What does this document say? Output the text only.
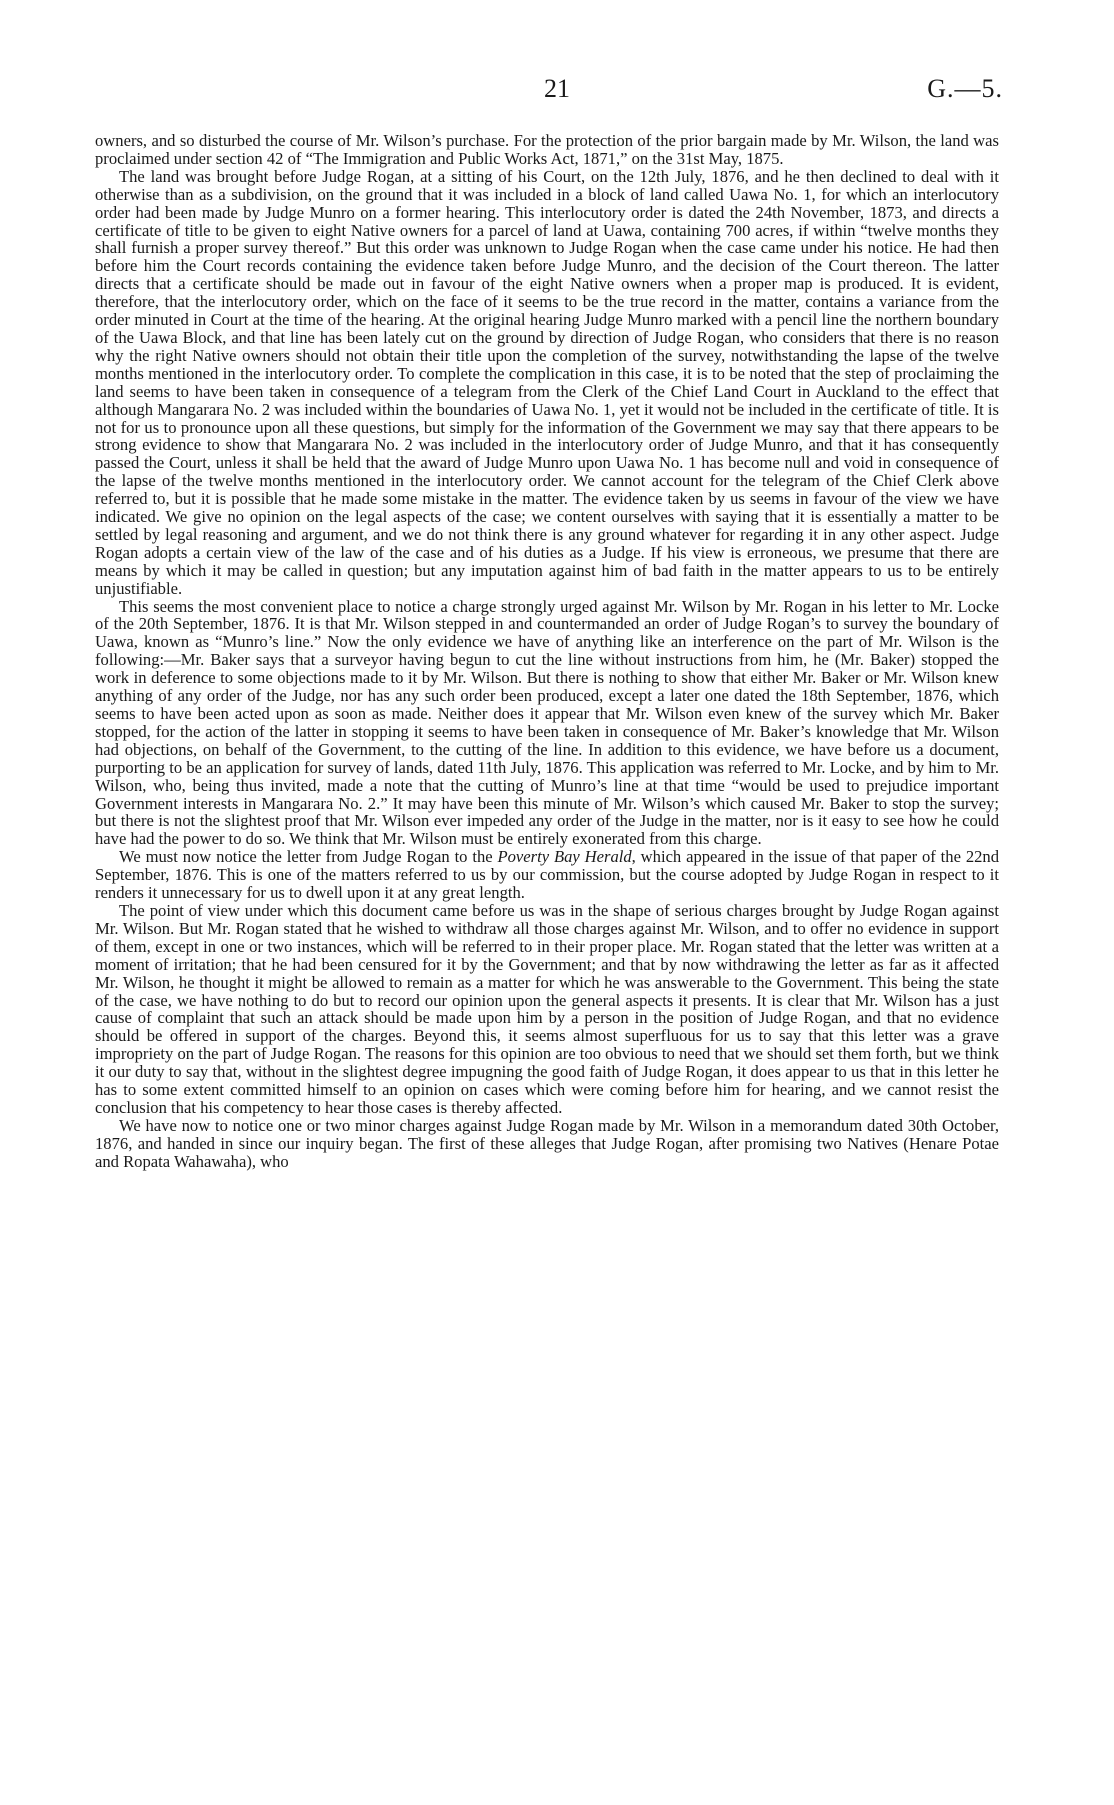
21	G.—5.

owners, and so disturbed the course of Mr. Wilson’s purchase. For the protection of the prior bargain made by Mr. Wilson, the land was proclaimed under section 42 of “The Immigration and Public Works Act, 1871,” on the 31st May, 1875.

The land was brought before Judge Rogan, at a sitting of his Court, on the 12th July, 1876, and he then declined to deal with it otherwise than as a subdivision, on the ground that it was included in a block of land called Uawa No. 1, for which an interlocutory order had been made by Judge Munro on a former hearing. This interlocutory order is dated the 24th November, 1873, and directs a certificate of title to be given to eight Native owners for a parcel of land at Uawa, containing 700 acres, if within “twelve months they shall furnish a proper survey thereof.” But this order was unknown to Judge Rogan when the case came under his notice. He had then before him the Court records containing the evidence taken before Judge Munro, and the decision of the Court thereon. The latter directs that a certificate should be made out in favour of the eight Native owners when a proper map is produced. It is evident, therefore, that the interlocutory order, which on the face of it seems to be the true record in the matter, contains a variance from the order minuted in Court at the time of the hearing. At the original hearing Judge Munro marked with a pencil line the northern boundary of the Uawa Block, and that line has been lately cut on the ground by direction of Judge Rogan, who considers that there is no reason why the right Native owners should not obtain their title upon the completion of the survey, notwithstanding the lapse of the twelve months mentioned in the interlocutory order. To complete the complication in this case, it is to be noted that the step of proclaiming the land seems to have been taken in consequence of a telegram from the Clerk of the Chief Land Court in Auckland to the effect that although Mangarara No. 2 was included within the boundaries of Uawa No. 1, yet it would not be included in the certificate of title. It is not for us to pronounce upon all these questions, but simply for the information of the Government we may say that there appears to be strong evidence to show that Mangarara No. 2 was included in the interlocutory order of Judge Munro, and that it has consequently passed the Court, unless it shall be held that the award of Judge Munro upon Uawa No. 1 has become null and void in consequence of the lapse of the twelve months mentioned in the interlocutory order. We cannot account for the telegram of the Chief Clerk above referred to, but it is possible that he made some mistake in the matter. The evidence taken by us seems in favour of the view we have indicated. We give no opinion on the legal aspects of the case; we content ourselves with saying that it is essentially a matter to be settled by legal reasoning and argument, and we do not think there is any ground whatever for regarding it in any other aspect. Judge Rogan adopts a certain view of the law of the case and of his duties as a Judge. If his view is erroneous, we presume that there are means by which it may be called in question; but any imputation against him of bad faith in the matter appears to us to be entirely unjustifiable.

This seems the most convenient place to notice a charge strongly urged against Mr. Wilson by Mr. Rogan in his letter to Mr. Locke of the 20th September, 1876. It is that Mr. Wilson stepped in and countermanded an order of Judge Rogan’s to survey the boundary of Uawa, known as “Munro’s line.” Now the only evidence we have of anything like an interference on the part of Mr. Wilson is the following:—Mr. Baker says that a surveyor having begun to cut the line without instructions from him, he (Mr. Baker) stopped the work in deference to some objections made to it by Mr. Wilson. But there is nothing to show that either Mr. Baker or Mr. Wilson knew anything of any order of the Judge, nor has any such order been produced, except a later one dated the 18th September, 1876, which seems to have been acted upon as soon as made. Neither does it appear that Mr. Wilson even knew of the survey which Mr. Baker stopped, for the action of the latter in stopping it seems to have been taken in consequence of Mr. Baker’s knowledge that Mr. Wilson had objections, on behalf of the Government, to the cutting of the line. In addition to this evidence, we have before us a document, purporting to be an application for survey of lands, dated 11th July, 1876. This application was referred to Mr. Locke, and by him to Mr. Wilson, who, being thus invited, made a note that the cutting of Munro’s line at that time “would be used to prejudice important Government interests in Mangarara No. 2.” It may have been this minute of Mr. Wilson’s which caused Mr. Baker to stop the survey; but there is not the slightest proof that Mr. Wilson ever impeded any order of the Judge in the matter, nor is it easy to see how he could have had the power to do so. We think that Mr. Wilson must be entirely exonerated from this charge.

We must now notice the letter from Judge Rogan to the Poverty Bay Herald, which appeared in the issue of that paper of the 22nd September, 1876. This is one of the matters referred to us by our commission, but the course adopted by Judge Rogan in respect to it renders it unnecessary for us to dwell upon it at any great length.

The point of view under which this document came before us was in the shape of serious charges brought by Judge Rogan against Mr. Wilson. But Mr. Rogan stated that he wished to withdraw all those charges against Mr. Wilson, and to offer no evidence in support of them, except in one or two instances, which will be referred to in their proper place. Mr. Rogan stated that the letter was written at a moment of irritation; that he had been censured for it by the Government; and that by now withdrawing the letter as far as it affected Mr. Wilson, he thought it might be allowed to remain as a matter for which he was answerable to the Government. This being the state of the case, we have nothing to do but to record our opinion upon the general aspects it presents. It is clear that Mr. Wilson has a just cause of complaint that such an attack should be made upon him by a person in the position of Judge Rogan, and that no evidence should be offered in support of the charges. Beyond this, it seems almost superfluous for us to say that this letter was a grave impropriety on the part of Judge Rogan. The reasons for this opinion are too obvious to need that we should set them forth, but we think it our duty to say that, without in the slightest degree impugning the good faith of Judge Rogan, it does appear to us that in this letter he has to some extent committed himself to an opinion on cases which were coming before him for hearing, and we cannot resist the conclusion that his competency to hear those cases is thereby affected.

We have now to notice one or two minor charges against Judge Rogan made by Mr. Wilson in a memorandum dated 30th October, 1876, and handed in since our inquiry began. The first of these alleges that Judge Rogan, after promising two Natives (Henare Potae and Ropata Wahawaha), who
